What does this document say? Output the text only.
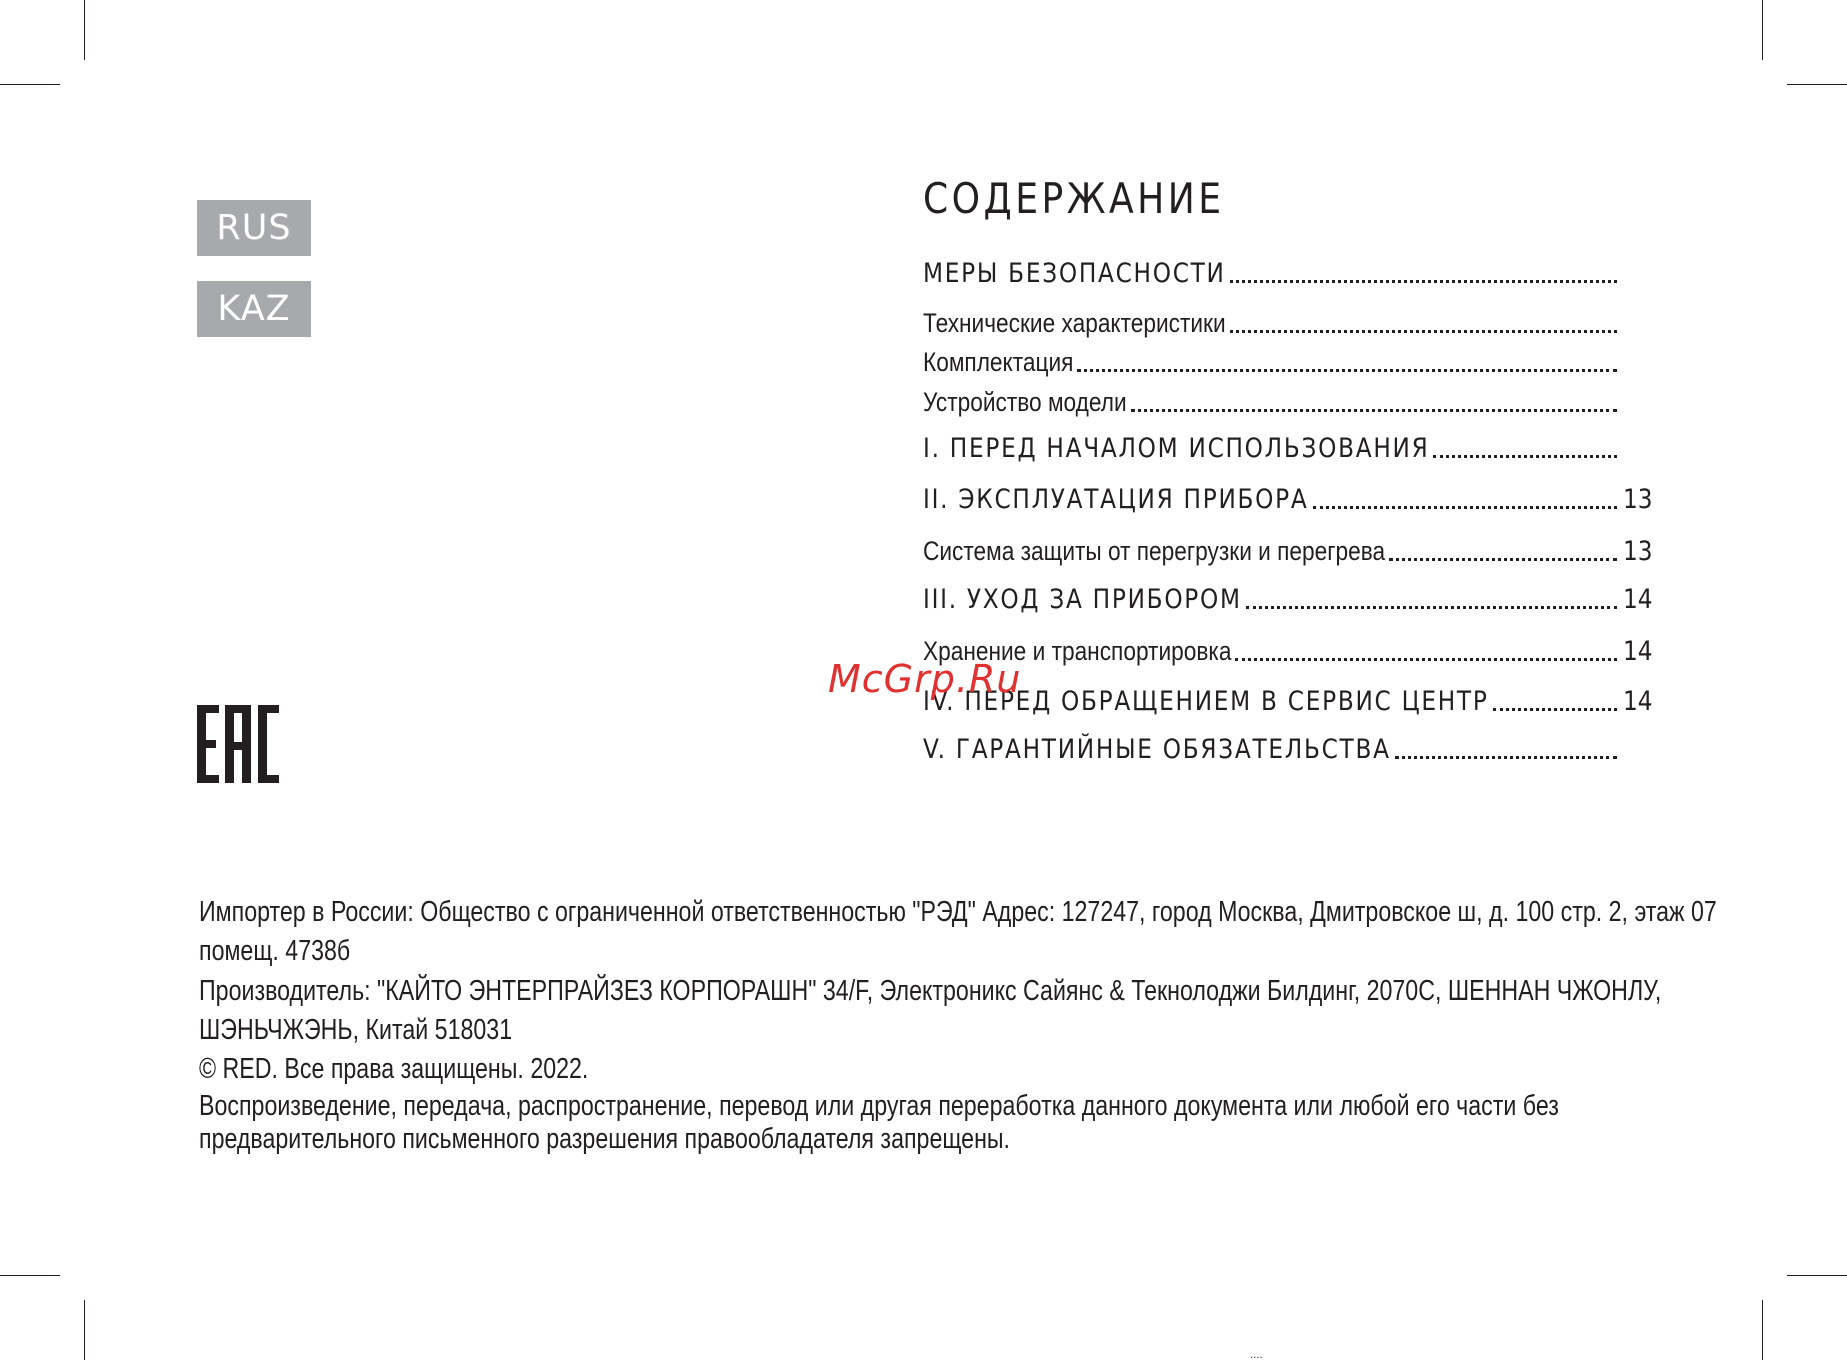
RUS
KAZ
СОДЕРЖАНИЕ
МЕРЫ БЕЗОПАСНОСТИ
Технические характеристики
Комплектация
Устройство модели
I. ПЕРЕД НАЧАЛОМ ИСПОЛЬЗОВАНИЯ
II. ЭКСПЛУАТАЦИЯ ПРИБОРА	13
Система защиты от перегрузки и перегрева	13
III. УХОД ЗА ПРИБОРОМ	14
Хранение и транспортировка	14
IV. ПЕРЕД ОБРАЩЕНИЕМ В СЕРВИС ЦЕНТР	14
V. ГАРАНТИЙНЫЕ ОБЯЗАТЕЛЬСТВА
McGrp.Ru
Импортер в России: Общество с ограниченной ответственностью "РЭД" Адрес: 127247, город Москва, Дмитровское ш, д. 100 стр. 2, этаж 07
помещ. 4738б
Производитель: "КАЙТО ЭНТЕРПРАЙЗЕЗ КОРПОРАШН" 34/F, Электроникс Сайянс & Текнолоджи Билдинг, 2070С, ШЕННАН ЧЖОНЛУ,
ШЭНЬЧЖЭНЬ, Китай 518031
© RED. Все права защищены. 2022.
Воспроизведение, передача, распространение, перевод или другая переработка данного документа или любой его части без
предварительного письменного разрешения правообладателя запрещены.
....
